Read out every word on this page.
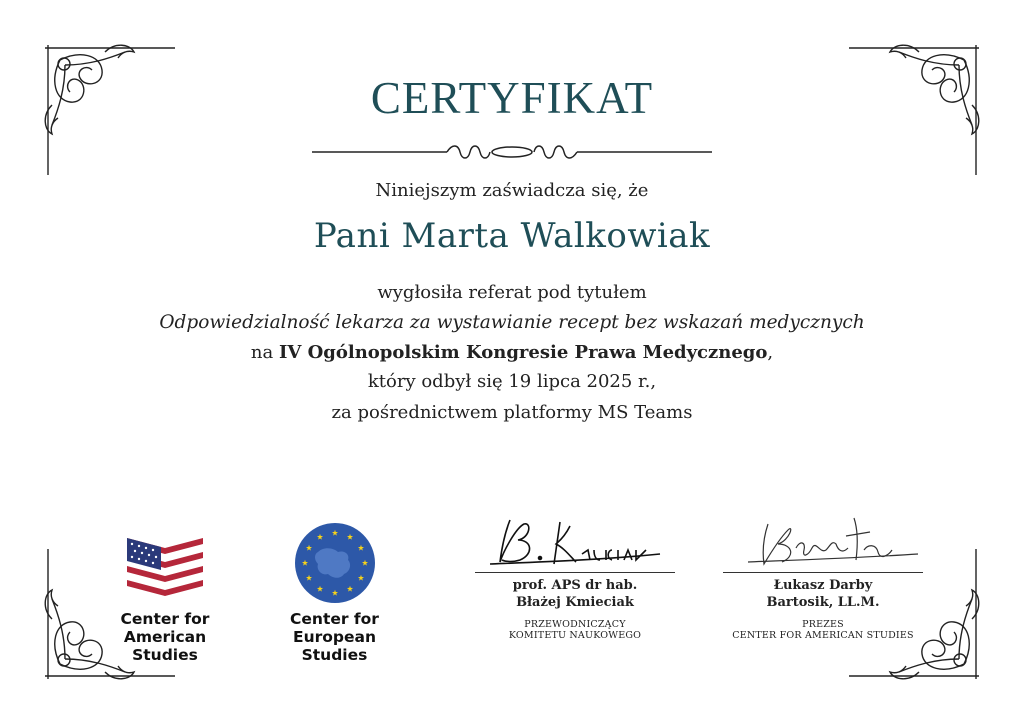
CERTYFIKAT
Niniejszym zaświadcza się, że
Pani Marta Walkowiak
wygłosiła referat pod tytułem
Odpowiedzialność lekarza za wystawianie recept bez wskazań medycznych
na IV Ogólnopolskim Kongresie Prawa Medycznego,
który odbył się 19 lipca 2025 r.,
za pośrednictwem platformy MS Teams
Center for
American Studies
Center for
European Studies
prof. APS dr hab.
Błażej Kmieciak
PRZEWODNICZĄCY
KOMITETU NAUKOWEGO
Łukasz Darby
Bartosik, LL.M.
PREZES
CENTER FOR AMERICAN STUDIES
